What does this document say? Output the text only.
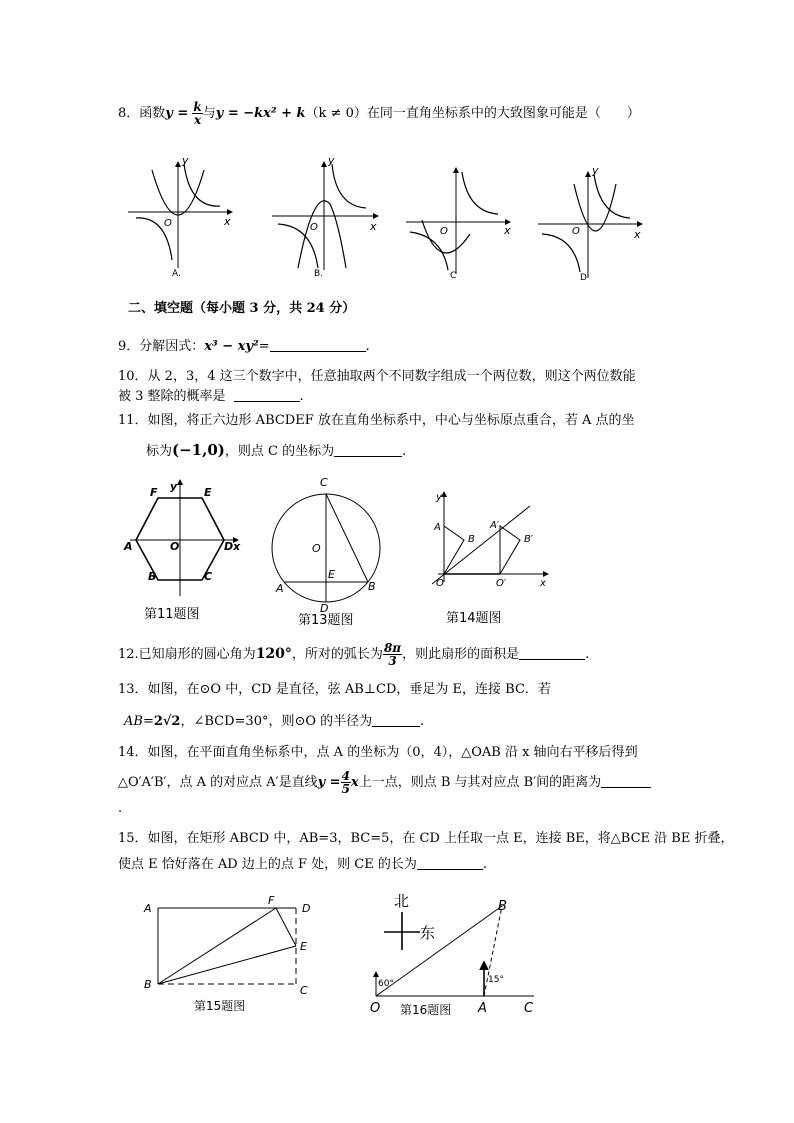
8．函数$y = \frac{k}{x}$ 与y = −kx² + k（k ≠ 0）在同一直角坐标系中的大致图象可能是（　　）
x
y
O
A.
x
y
O
B.
x
O
C
x
y
O
D
二、填空题（每小题 3 分，共 24 分）
9．分解因式：x³ − xy²=	.
10．从 2，3，4 这三个数字中，任意抽取两个不同数字组成一个两位数，则这个两位数能
被 3 整除的概率是	.
11．如图，将正六边形 ABCDEF 放在直角坐标系中，中心与坐标原点重合，若 A 点的坐
标为(−1,0)，则点 C 的坐标为	.
F y E
A	O	Dx
B	C
第11题图
C
O
E
A	B
D
第13题图
y
A
B
A′
B′
O	O′	x
第14题图
12.已知扇形的圆心角为120°，所对的弧长为 $\frac{8\pi}{3}$ ，则此扇形的面积是	.
13．如图，在⊙O 中，CD 是直径，弦 AB⊥CD，垂足为 E，连接 BC．若
AB=2√2，∠BCD=30°，则⊙O 的半径为	.
14．如图，在平面直角坐标系中，点 A 的坐标为（0，4），△OAB 沿 x 轴向右平移后得到
△O′A′B′，点 A 的对应点 A′是直线$y = \frac{4}{5}$ x上一点，则点 B 与其对应点 B′间的距离为
.
15．如图，在矩形 ABCD 中，AB=3，BC=5，在 CD 上任取一点 E，连接 BE，将△BCE 沿 BE 折叠，
使点 E 恰好落在 AD 边上的点 F 处，则 CE 的长为	.
A
F
D
E
B	C
第15题图
北
东
B
O	A	C
60°	15°
第16题图
